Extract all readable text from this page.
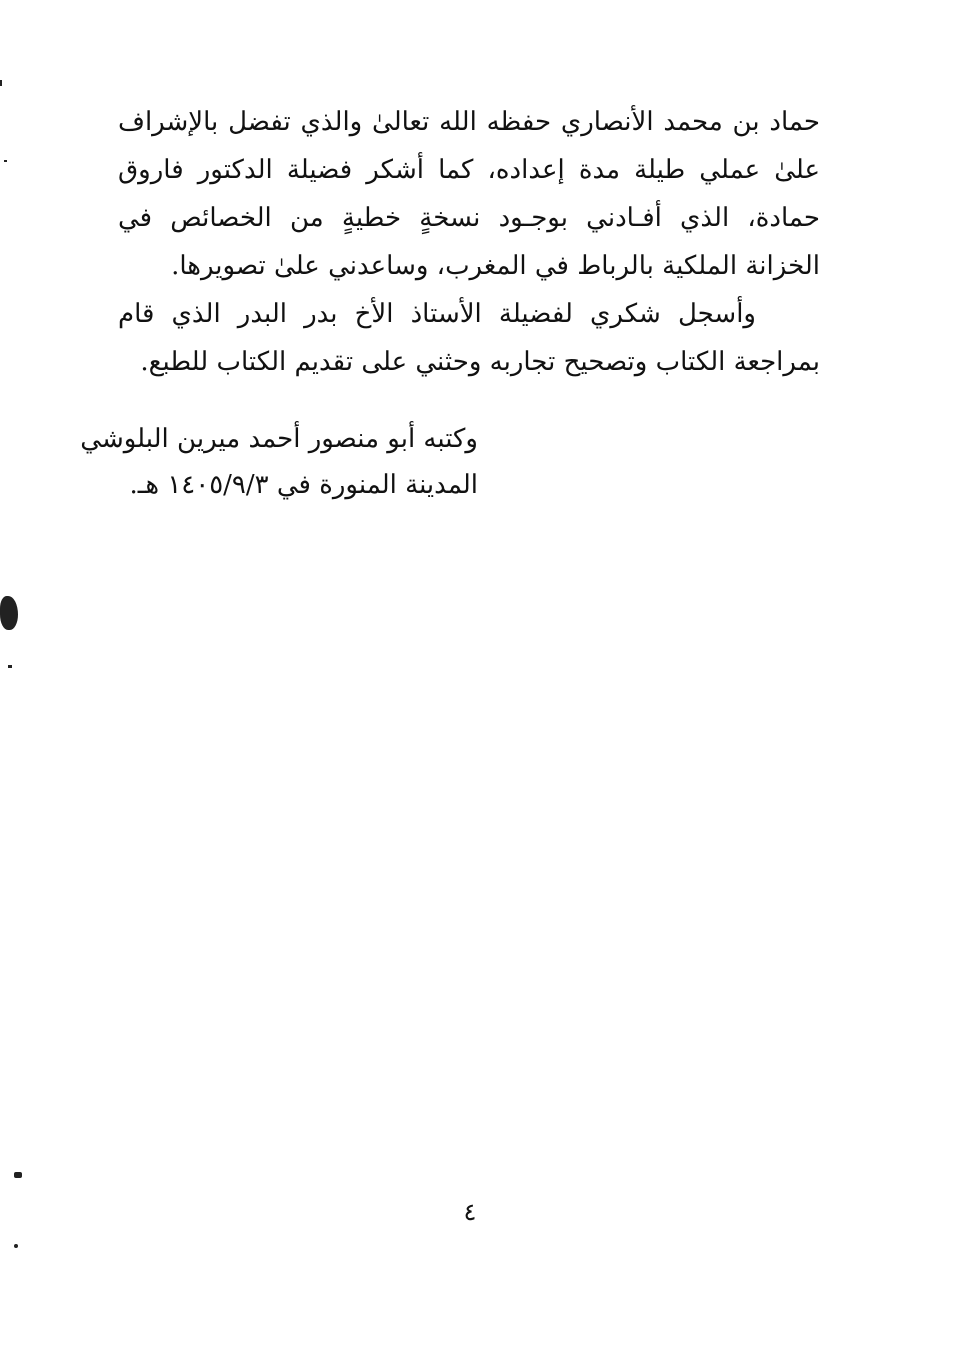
حماد بن محمد الأنصاري حفظه الله تعالىٰ والذي تفضل بالإشراف علىٰ عملي طيلة مدة إعداده، كما أشكر فضيلة الدكتور فاروق حمادة، الذي أفـادني بوجـود نسخةٍ خطيةٍ من الخصائص في الخزانة الملكية بالرباط في المغرب، وساعدني علىٰ تصويرها.

وأسجل شكري لفضيلة الأستاذ الأخ بدر البدر الذي قام بمراجعة الكتاب وتصحيح تجاربه وحثني على تقديم الكتاب للطبع.

وكتبه أبو منصور أحمد ميرين البلوشي
المدينة المنورة في ١٤٠٥/٩/٣ هـ.
٤
